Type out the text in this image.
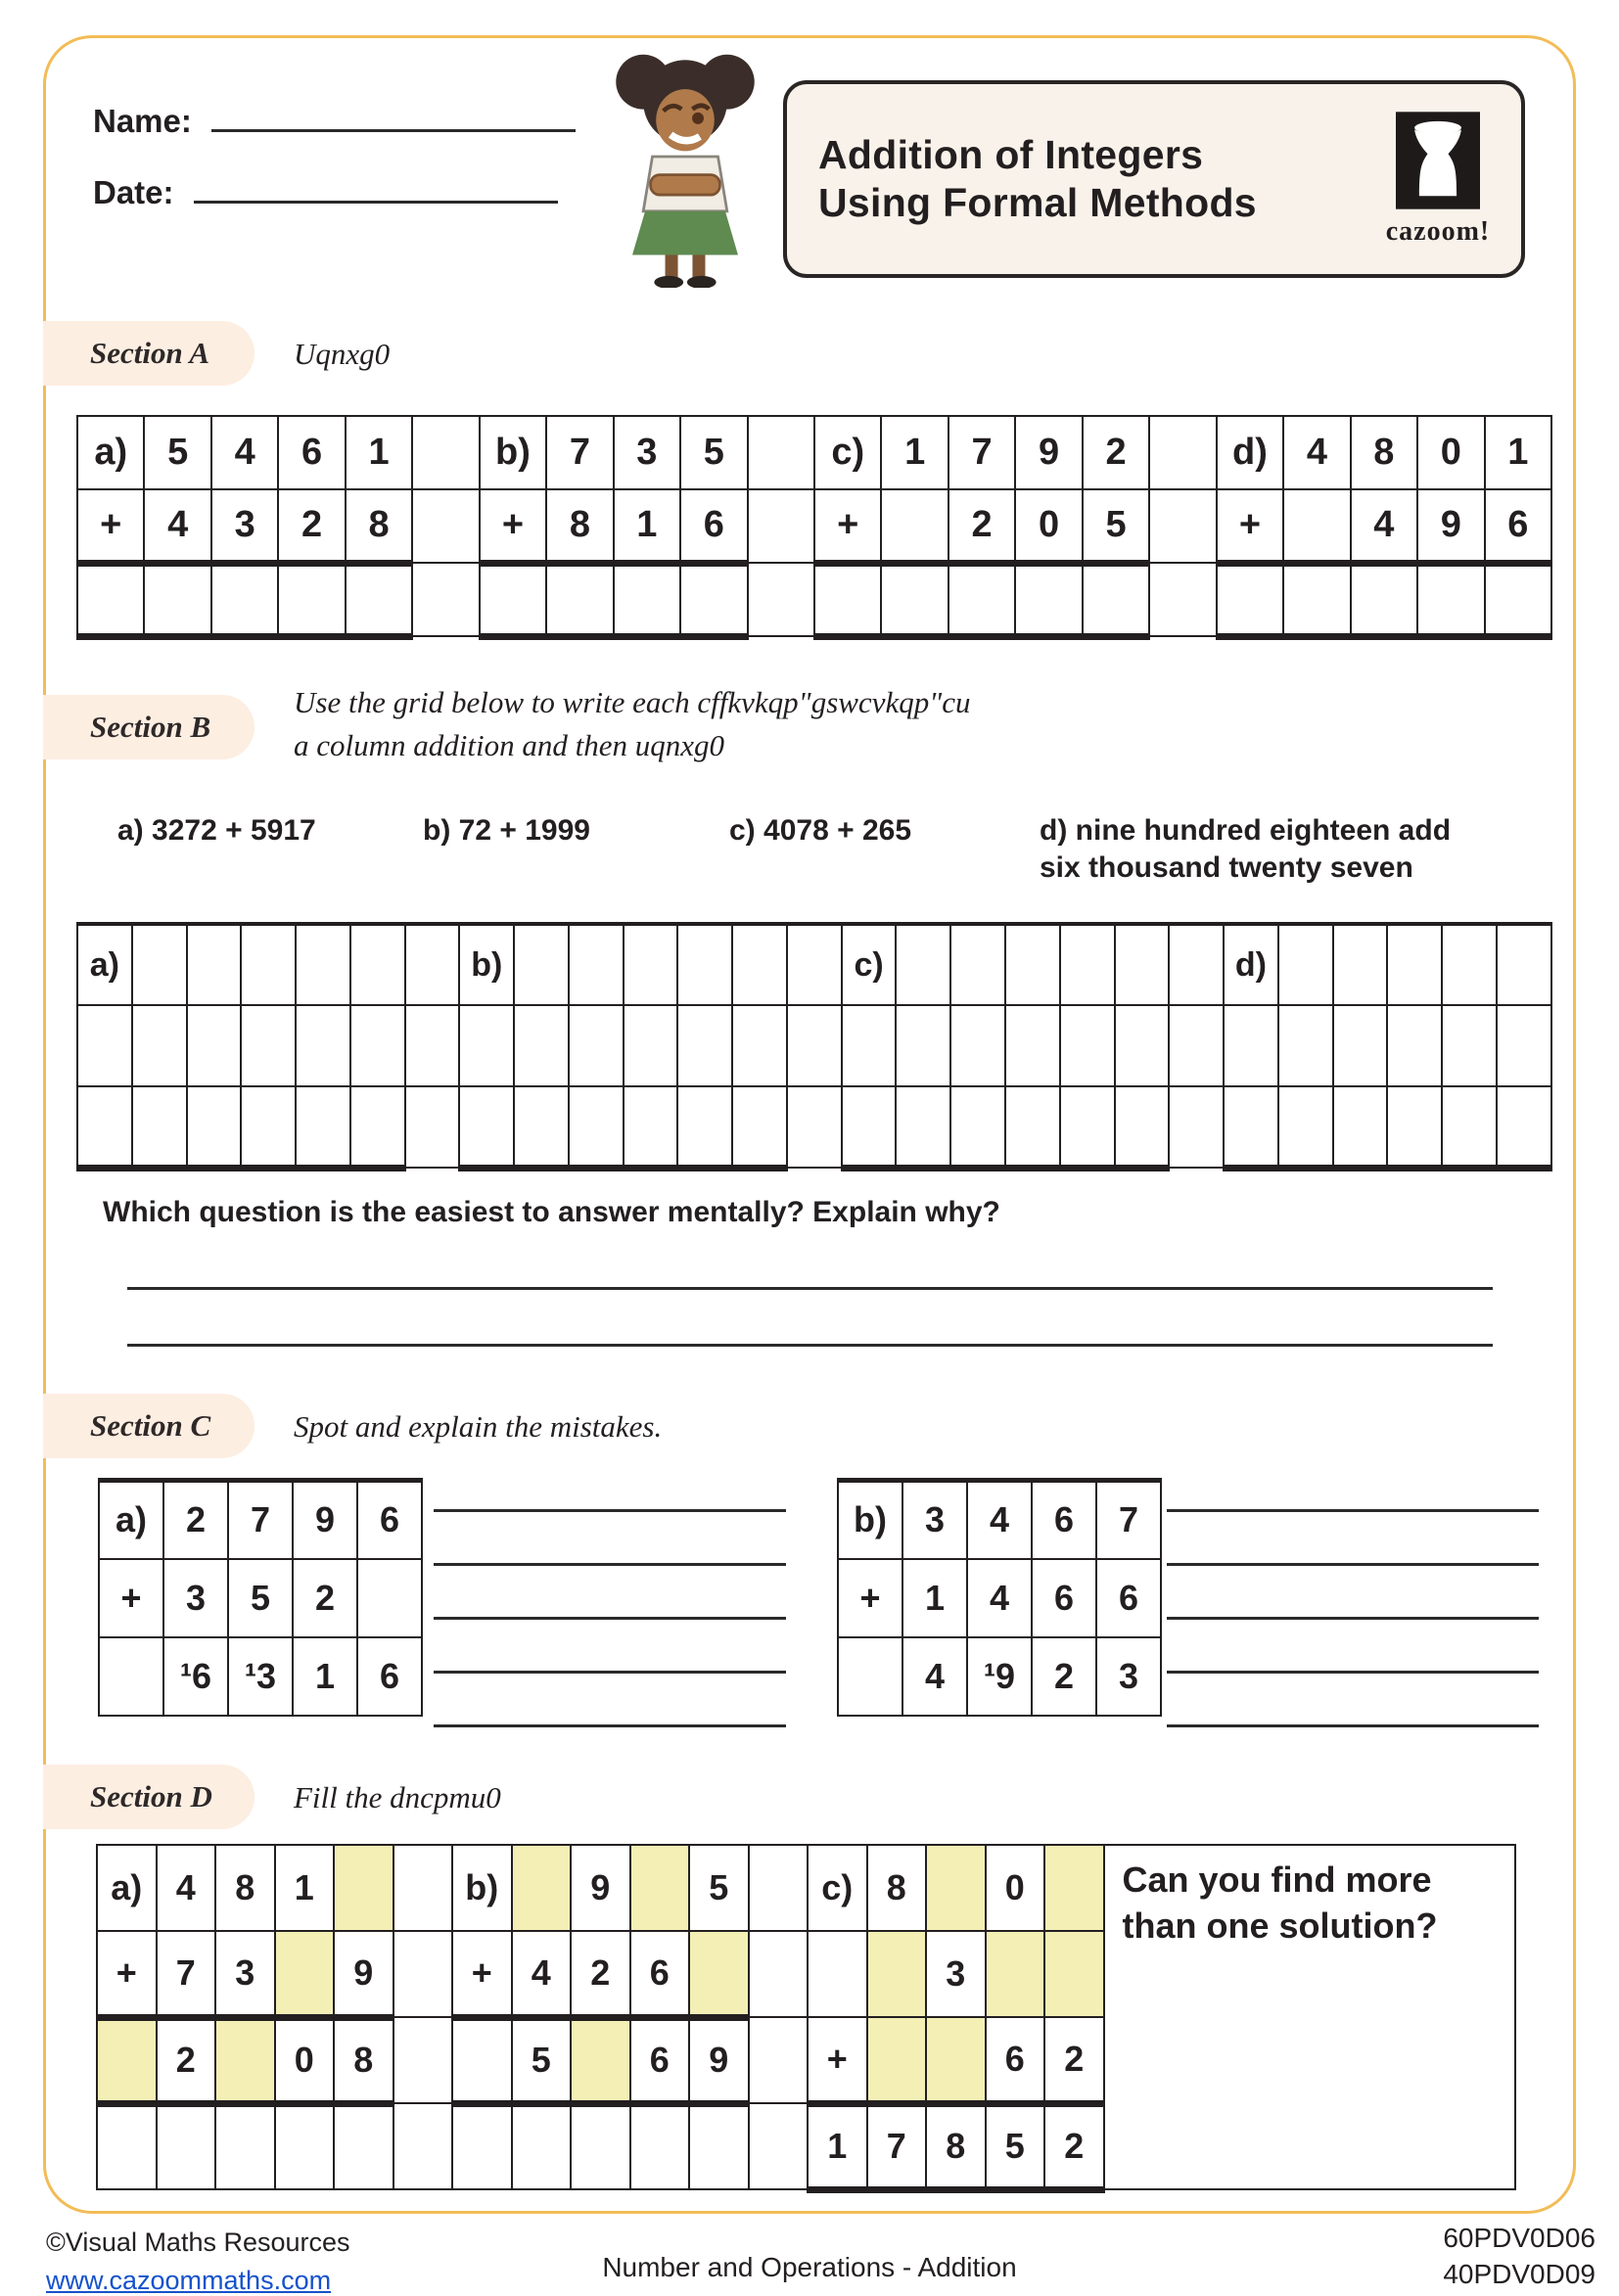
Name:
Date:
Addition of Integers
Using Formal Methods
cazoom!
Section A	Uqnxg0
a)	5	4	6	1		b)	7	3	5		c)	1	7	9	2		d)	4	8	0	1
+	4	3	2	8		+	8	1	6		+		2	0	5		+		4	9	6

Section B
Use the grid below to write each cffkvkqp"gswcvkqp"cu
a column addition and then uqnxg0
a) 3272 + 5917	b) 72 + 1999	c) 4078 + 265	d) nine hundred eighteen add six thousand twenty seven
a)							b)							c)							d)					

Which question is the easiest to answer mentally? Explain why?
Section C	Spot and explain the mistakes.
a)	2	7	9	6
+	3	5	2	
	¹6	¹3	1	6
b)	3	4	6	7
+	1	4	6	6
	4	¹9	2	3
Section D	Fill the dncpmu0
a)	4	8	1			b)		9		5		c)	8		0		Can you find more than one solution?
+	7	3		9		+	4	2	6					3			
	2		0	8			5		6	9		+			6	2	
												1	7	8	5	2	
©Visual Maths Resources
www.cazoommaths.com	Number and Operations - Addition
60PDV0D06
40PDV0D09
